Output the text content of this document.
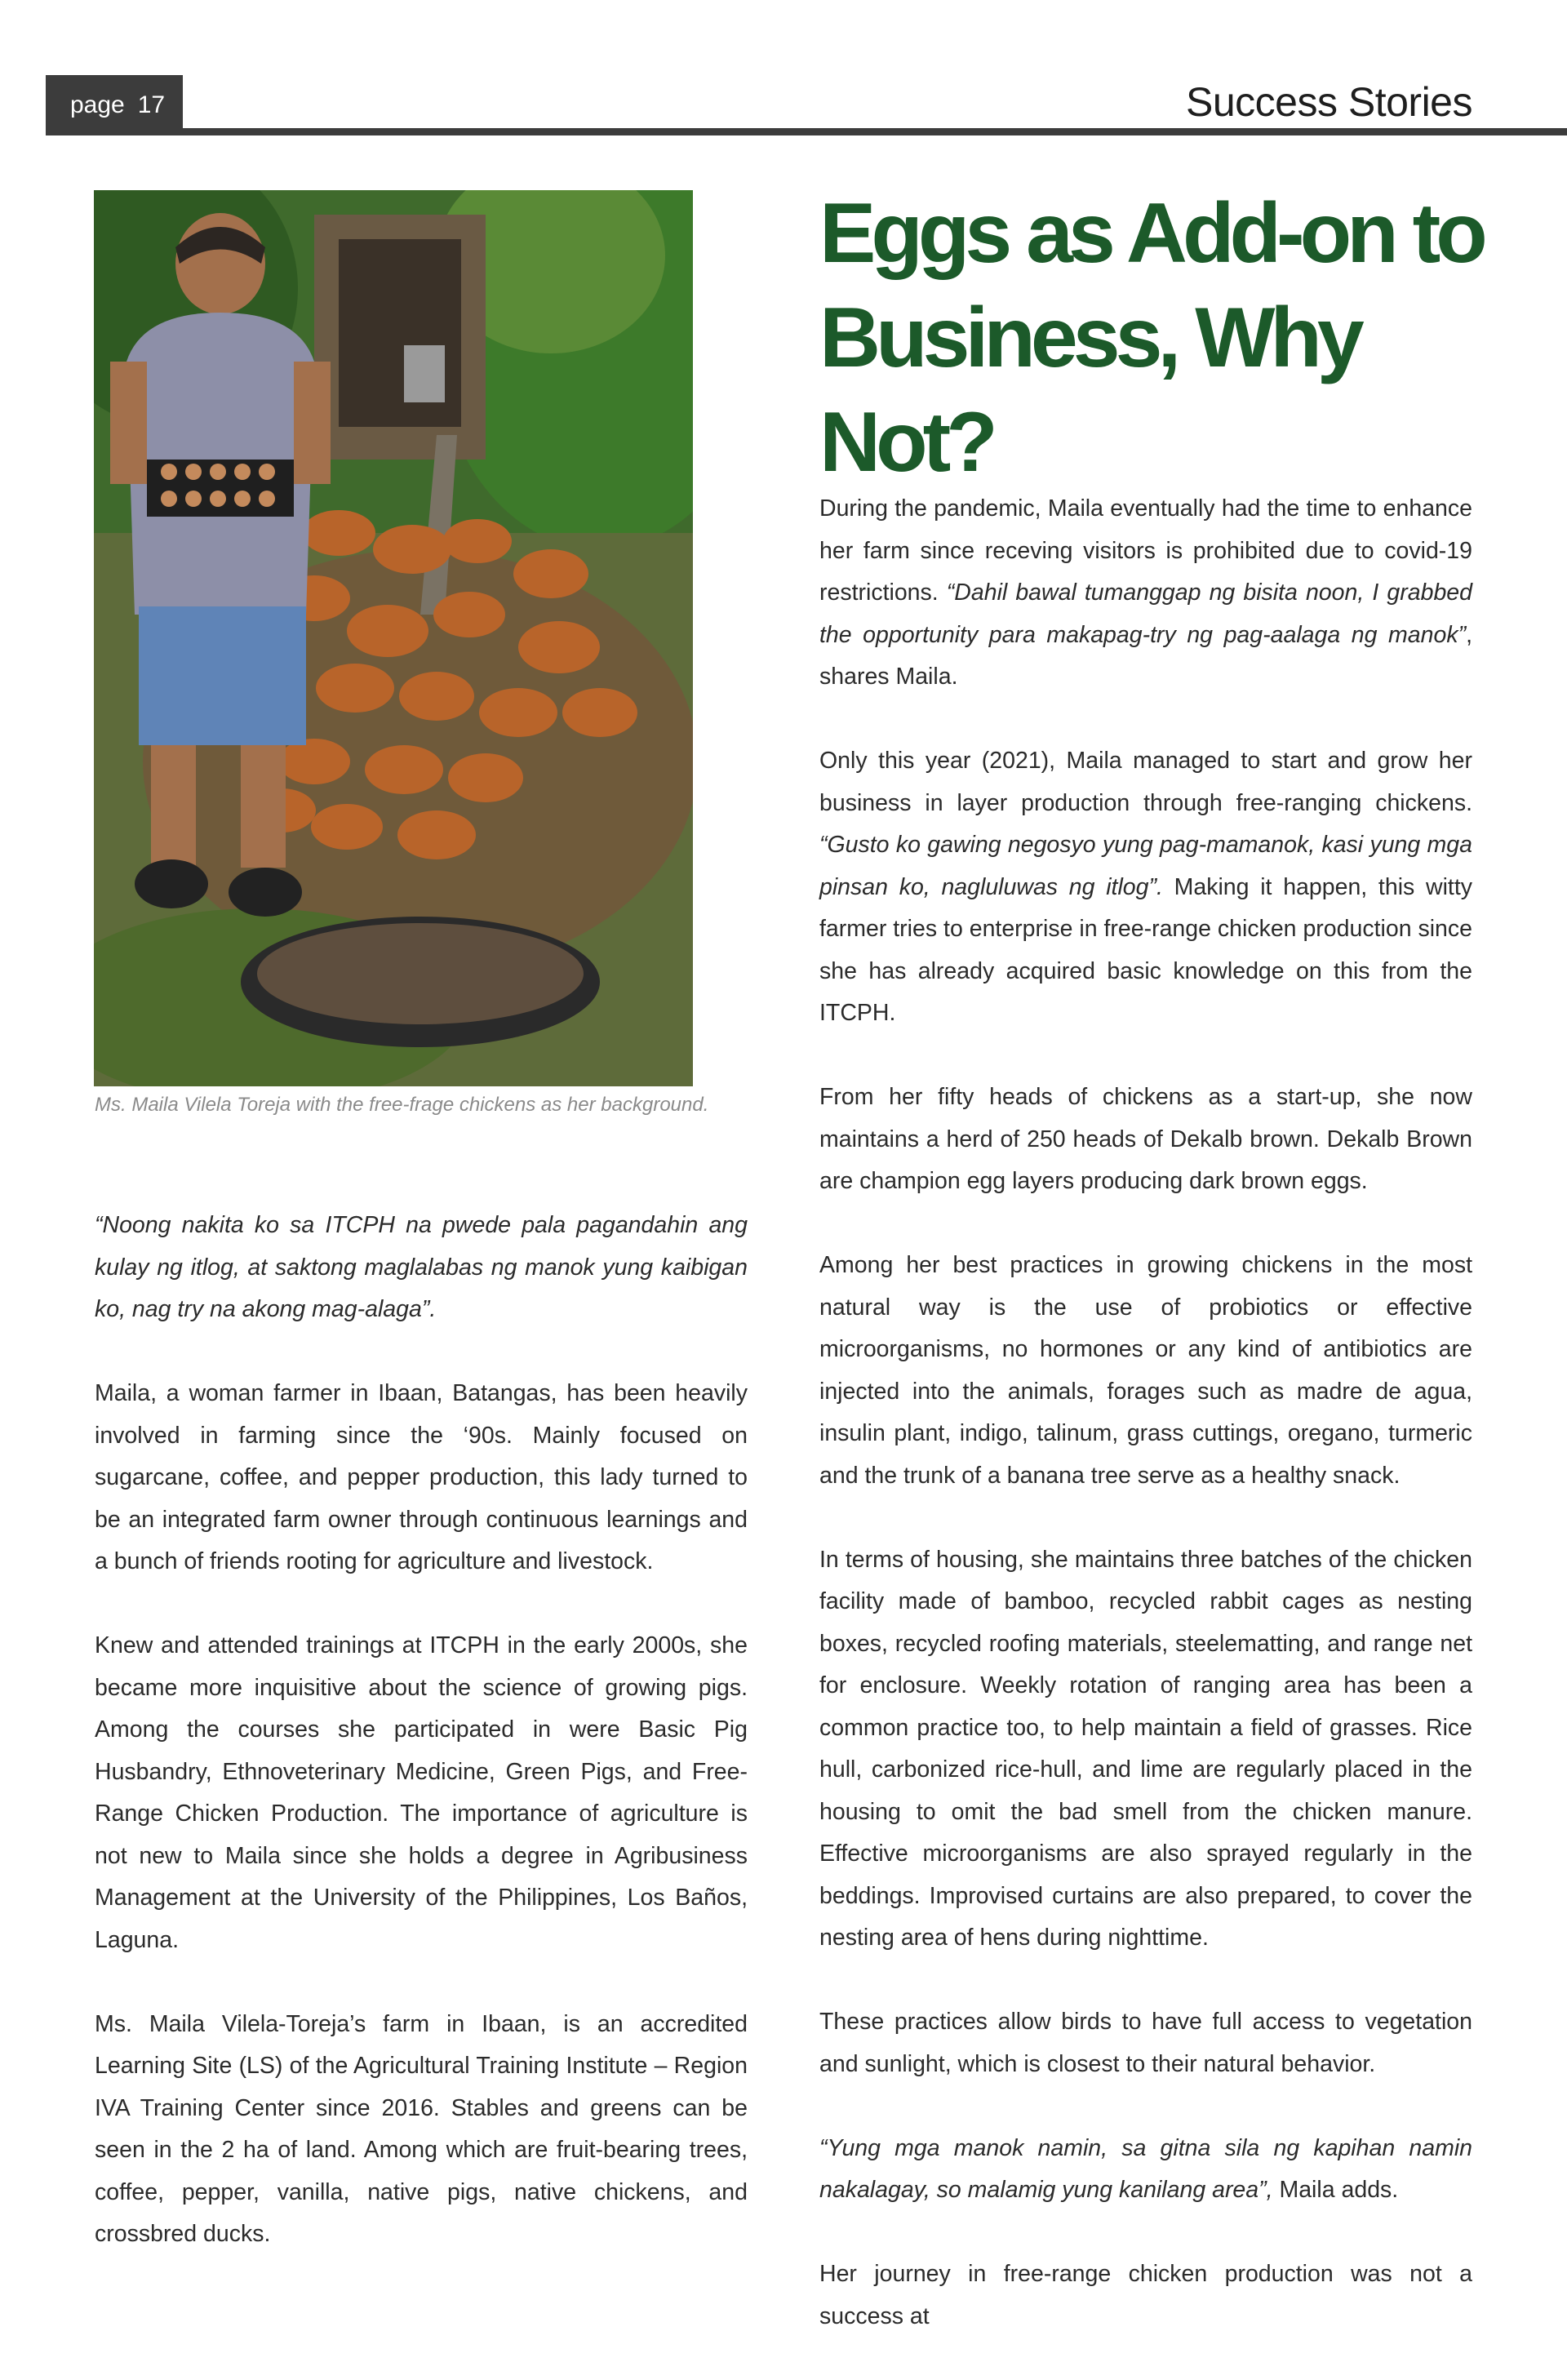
page 17	Success Stories
Eggs as Add-on to Business, Why Not?
Ms. Maila Vilela Toreja with the free-frage chickens as her background.

“Noong nakita ko sa ITCPH na pwede pala pagandahin ang kulay ng itlog, at saktong maglalabas ng manok yung kaibigan ko, nag try na akong mag-alaga”.

Maila, a woman farmer in Ibaan, Batangas, has been heavily involved in farming since the ‘90s. Mainly focused on sugarcane, coffee, and pepper production, this lady turned to be an integrated farm owner through continuous learnings and a bunch of friends rooting for agriculture and livestock.

Knew and attended trainings at ITCPH in the early 2000s, she became more inquisitive about the science of growing pigs. Among the courses she participated in were Basic Pig Husbandry, Ethnoveterinary Medicine, Green Pigs, and Free-Range Chicken Production. The importance of agriculture is not new to Maila since she holds a degree in Agribusiness Management at the University of the Philippines, Los Baños, Laguna.

Ms. Maila Vilela-Toreja’s farm in Ibaan, is an accredited Learning Site (LS) of the Agricultural Training Institute – Region IVA Training Center since 2016. Stables and greens can be seen in the 2 ha of land. Among which are fruit-bearing trees, coffee, pepper, vanilla, native pigs, native chickens, and crossbred ducks.

During the pandemic, Maila eventually had the time to enhance her farm since receving visitors is prohibited due to covid-19 restrictions. “Dahil bawal tumanggap ng bisita noon, I grabbed the opportunity para makapag-try ng pag-aalaga ng manok”, shares Maila.

Only this year (2021), Maila managed to start and grow her business in layer production through free-ranging chickens. “Gusto ko gawing negosyo yung pag-mamanok, kasi yung mga pinsan ko, nagluluwas ng itlog”. Making it happen, this witty farmer tries to enterprise in free-range chicken production since she has already acquired basic knowledge on this from the ITCPH.

From her fifty heads of chickens as a start-up, she now maintains a herd of 250 heads of Dekalb brown. Dekalb Brown are champion egg layers producing dark brown eggs.

Among her best practices in growing chickens in the most natural way is the use of probiotics or effective microorganisms, no hormones or any kind of antibiotics are injected into the animals, forages such as madre de agua, insulin plant, indigo, talinum, grass cuttings, oregano, turmeric and the trunk of a banana tree serve as a healthy snack.

In terms of housing, she maintains three batches of the chicken facility made of bamboo, recycled rabbit cages as nesting boxes, recycled roofing materials, steelematting, and range net for enclosure. Weekly rotation of ranging area has been a common practice too, to help maintain a field of grasses. Rice hull, carbonized rice-hull, and lime are regularly placed in the housing to omit the bad smell from the chicken manure. Effective microorganisms are also sprayed regularly in the beddings. Improvised curtains are also prepared, to cover the nesting area of hens during nighttime.

These practices allow birds to have full access to vegetation and sunlight, which is closest to their natural behavior.

“Yung mga manok namin, sa gitna sila ng kapihan namin nakalagay, so malamig yung kanilang area”, Maila adds.

Her journey in free-range chicken production was not a success at
